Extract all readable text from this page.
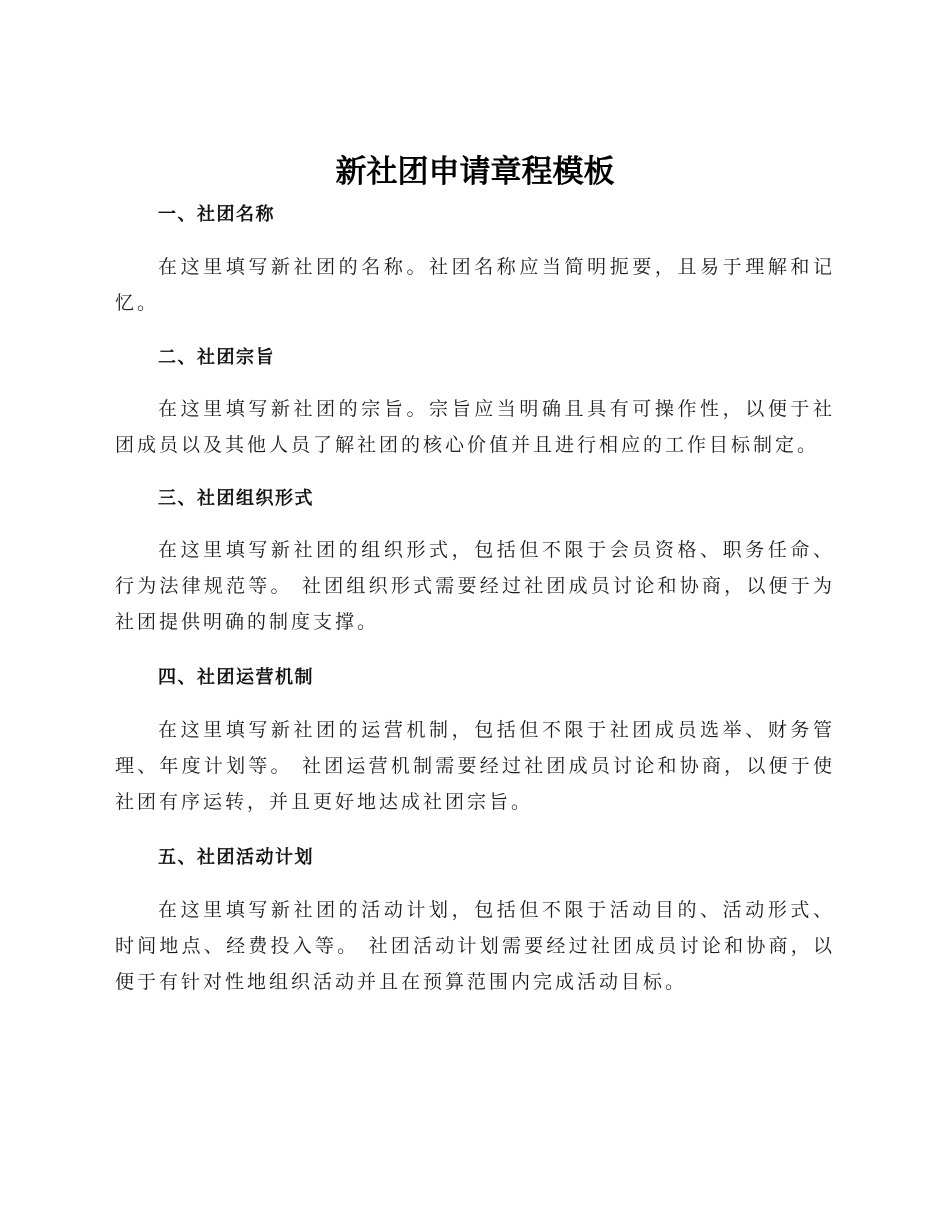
新社团申请章程模板
一、社团名称

在这里填写新社团的名称。社团名称应当简明扼要，且易于理解和记忆。

二、社团宗旨

在这里填写新社团的宗旨。宗旨应当明确且具有可操作性，以便于社团成员以及其他人员了解社团的核心价值并且进行相应的工作目标制定。

三、社团组织形式

在这里填写新社团的组织形式，包括但不限于会员资格、职务任命、行为法律规范等。 社团组织形式需要经过社团成员讨论和协商，以便于为社团提供明确的制度支撑。

四、社团运营机制

在这里填写新社团的运营机制，包括但不限于社团成员选举、财务管理、年度计划等。 社团运营机制需要经过社团成员讨论和协商，以便于使社团有序运转，并且更好地达成社团宗旨。

五、社团活动计划

在这里填写新社团的活动计划，包括但不限于活动目的、活动形式、时间地点、经费投入等。 社团活动计划需要经过社团成员讨论和协商，以便于有针对性地组织活动并且在预算范围内完成活动目标。
